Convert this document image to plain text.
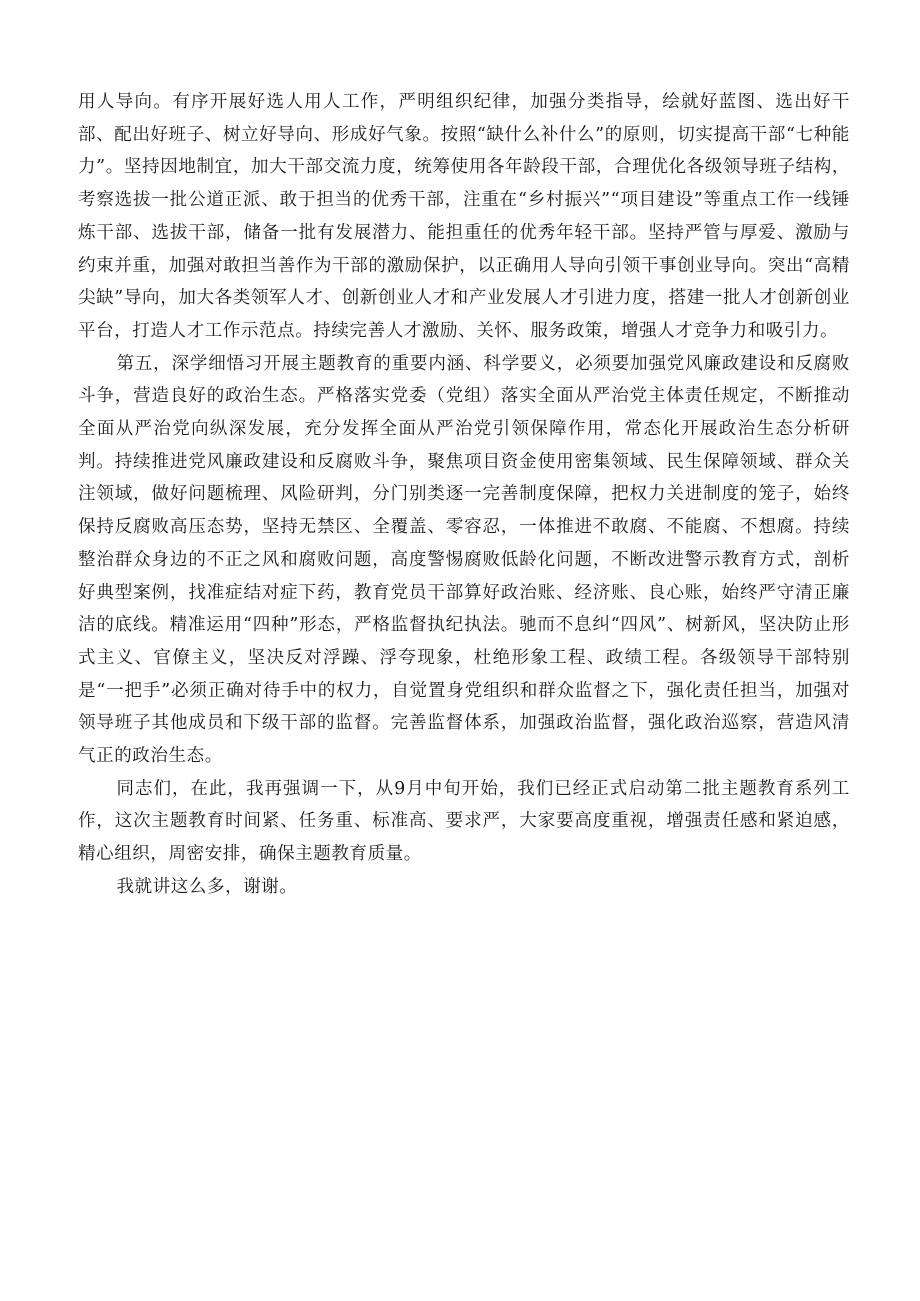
用人导向。有序开展好选人用人工作，严明组织纪律，加强分类指导，绘就好蓝图、选出好干部、配出好班子、树立好导向、形成好气象。按照“缺什么补什么”的原则，切实提高干部“七种能力”。坚持因地制宜，加大干部交流力度，统筹使用各年龄段干部，合理优化各级领导班子结构，考察选拔一批公道正派、敢于担当的优秀干部，注重在“乡村振兴”“项目建设”等重点工作一线锤炼干部、选拔干部，储备一批有发展潜力、能担重任的优秀年轻干部。坚持严管与厚爱、激励与约束并重，加强对敢担当善作为干部的激励保护，以正确用人导向引领干事创业导向。突出“高精尖缺”导向，加大各类领军人才、创新创业人才和产业发展人才引进力度，搭建一批人才创新创业平台，打造人才工作示范点。持续完善人才激励、关怀、服务政策，增强人才竞争力和吸引力。

第五，深学细悟习开展主题教育的重要内涵、科学要义，必须要加强党风廉政建设和反腐败斗争，营造良好的政治生态。严格落实党委（党组）落实全面从严治党主体责任规定，不断推动全面从严治党向纵深发展，充分发挥全面从严治党引领保障作用，常态化开展政治生态分析研判。持续推进党风廉政建设和反腐败斗争，聚焦项目资金使用密集领域、民生保障领域、群众关注领域，做好问题梳理、风险研判，分门别类逐一完善制度保障，把权力关进制度的笼子，始终保持反腐败高压态势，坚持无禁区、全覆盖、零容忍，一体推进不敢腐、不能腐、不想腐。持续整治群众身边的不正之风和腐败问题，高度警惕腐败低龄化问题，不断改进警示教育方式，剖析好典型案例，找准症结对症下药，教育党员干部算好政治账、经济账、良心账，始终严守清正廉洁的底线。精准运用“四种”形态，严格监督执纪执法。驰而不息纠“四风”、树新风，坚决防止形式主义、官僚主义，坚决反对浮躁、浮夸现象，杜绝形象工程、政绩工程。各级领导干部特别是“一把手”必须正确对待手中的权力，自觉置身党组织和群众监督之下，强化责任担当，加强对领导班子其他成员和下级干部的监督。完善监督体系，加强政治监督，强化政治巡察，营造风清气正的政治生态。

同志们，在此，我再强调一下，从9月中旬开始，我们已经正式启动第二批主题教育系列工作，这次主题教育时间紧、任务重、标准高、要求严，大家要高度重视，增强责任感和紧迫感，精心组织，周密安排，确保主题教育质量。

我就讲这么多，谢谢。
